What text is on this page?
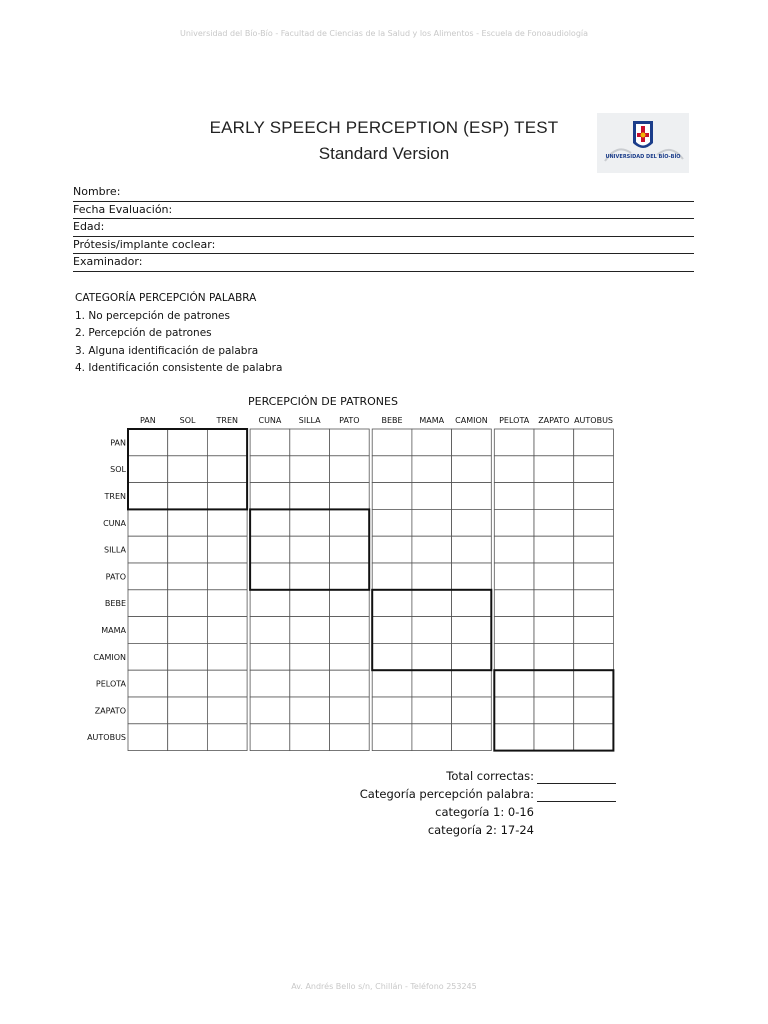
Universidad del Bío-Bío - Facultad de Ciencias de la Salud y los Alimentos - Escuela de Fonoaudiología
EARLY SPEECH PERCEPTION (ESP) TEST
Standard Version	UNIVERSIDAD DEL BÍO-BÍO
Nombre:
Fecha Evaluación:
Edad:
Prótesis/implante coclear:
Examinador:
CATEGORÍA PERCEPCIÓN PALABRA
1. No percepción de patrones
2. Percepción de patrones
3. Alguna identificación de palabra
4. Identificación consistente de palabra
PERCEPCIÓN DE PATRONES
PAN	SOL	TREN	CUNA SILLA PATO	BEBE MAMA CAMION PELOTA ZAPATO AUTOBUS
PAN
SOL
TREN
CUNA
SILLA
PATO
BEBE
MAMA
CAMION
PELOTA
ZAPATO
AUTOBUS
Total correctas:
Categoría percepción palabra:
categoría 1: 0-16
categoría 2: 17-24
Av. Andrés Bello s/n, Chillán - Teléfono 253245
